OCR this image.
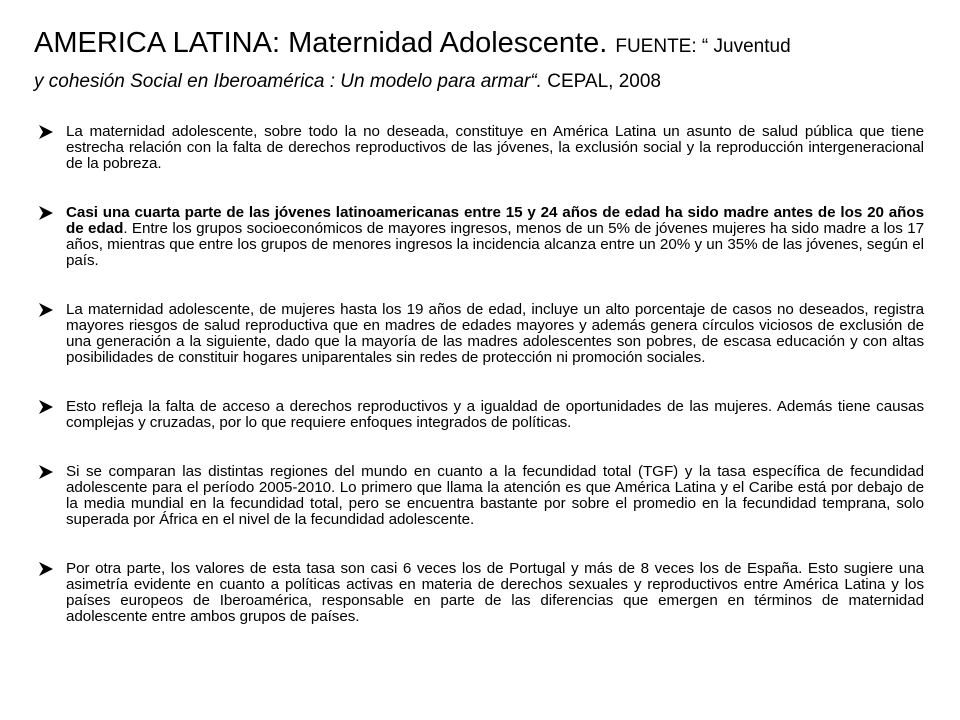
AMERICA LATINA: Maternidad Adolescente. FUENTE: “ Juventud
y cohesión Social en Iberoamérica : Un modelo para armar“. CEPAL, 2008
La maternidad adolescente, sobre todo la no deseada, constituye en América Latina un asunto de salud pública que tiene estrecha relación con la falta de derechos reproductivos de las jóvenes, la exclusión social y la reproducción intergeneracional de la pobreza.
Casi una cuarta parte de las jóvenes latinoamericanas entre 15 y 24 años de edad ha sido madre antes de los 20 años de edad. Entre los grupos socioeconómicos de mayores ingresos, menos de un 5% de jóvenes mujeres ha sido madre a los 17 años, mientras que entre los grupos de menores ingresos la incidencia alcanza entre un 20% y un 35% de las jóvenes, según el país.
La maternidad adolescente, de mujeres hasta los 19 años de edad, incluye un alto porcentaje de casos no deseados, registra mayores riesgos de salud reproductiva que en madres de edades mayores y además genera círculos viciosos de exclusión de una generación a la siguiente, dado que la mayoría de las madres adolescentes son pobres, de escasa educación y con altas posibilidades de constituir hogares uniparentales sin redes de protección ni promoción sociales.
Esto refleja la falta de acceso a derechos reproductivos y a igualdad de oportunidades de las mujeres. Además tiene causas complejas y cruzadas, por lo que requiere enfoques integrados de políticas.
Si se comparan las distintas regiones del mundo en cuanto a la fecundidad total (TGF) y la tasa específica de fecundidad adolescente para el período 2005-2010. Lo primero que llama la atención es que América Latina y el Caribe está por debajo de la media mundial en la fecundidad total, pero se encuentra bastante por sobre el promedio en la fecundidad temprana, solo superada por África en el nivel de la fecundidad adolescente.
Por otra parte, los valores de esta tasa son casi 6 veces los de Portugal y más de 8 veces los de España. Esto sugiere una asimetría evidente en cuanto a políticas activas en materia de derechos sexuales y reproductivos entre América Latina y los países europeos de Iberoamérica, responsable en parte de las diferencias que emergen en términos de maternidad adolescente entre ambos grupos de países.
